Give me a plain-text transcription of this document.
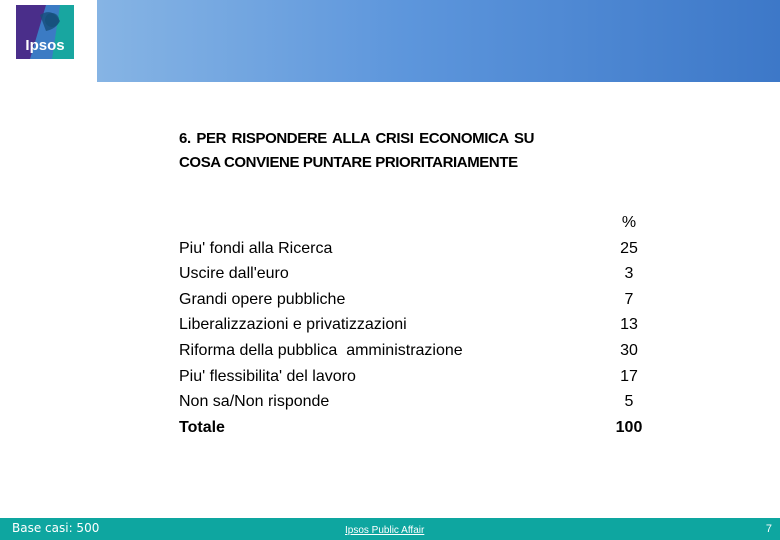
Ipsos
6. PER RISPONDERE ALLA CRISI ECONOMICA SU COSA CONVIENE PUNTARE PRIORITARIAMENTE
%
Piu' fondi alla Ricerca	25
Uscire dall'euro	3
Grandi opere pubbliche	7
Liberalizzazioni e privatizzazioni	13
Riforma della pubblica  amministrazione	30
Piu' flessibilita' del lavoro	17
Non sa/Non risponde	5
Totale	100
Base casi: 500	Ipsos Public Affair	7
